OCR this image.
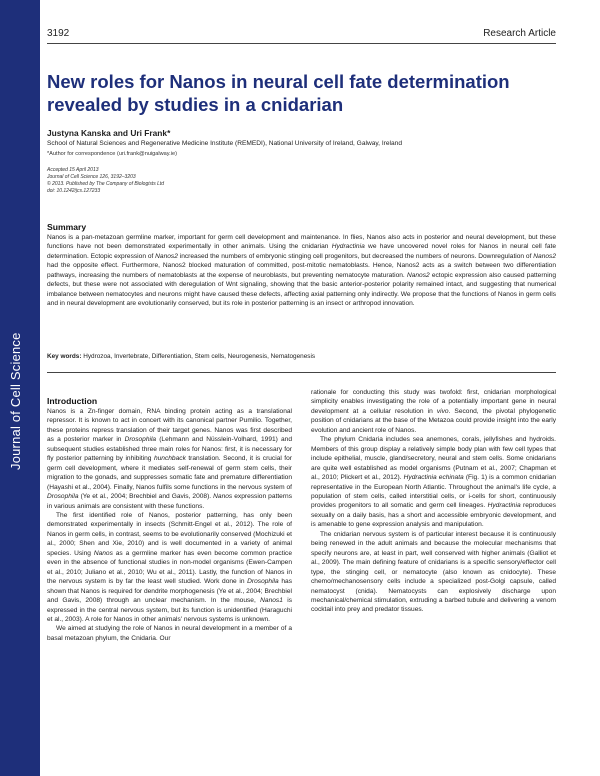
Journal of Cell Science
3192	Research Article
New roles for Nanos in neural cell fate determination
revealed by studies in a cnidarian
Justyna Kanska and Uri Frank*
School of Natural Sciences and Regenerative Medicine Institute (REMEDI), National University of Ireland, Galway, Ireland
*Author for correspondence (uri.frank@nuigalway.ie)
Accepted 15 April 2013
Journal of Cell Science 126, 3192–3203
© 2013. Published by The Company of Biologists Ltd
doi: 10.1242/jcs.127233
Summary
Nanos is a pan-metazoan germline marker, important for germ cell development and maintenance. In flies, Nanos also acts in posterior and neural development, but these functions have not been demonstrated experimentally in other animals. Using the cnidarian Hydractinia we have uncovered novel roles for Nanos in neural cell fate determination. Ectopic expression of Nanos2 increased the numbers of embryonic stinging cell progenitors, but decreased the numbers of neurons. Downregulation of Nanos2 had the opposite effect. Furthermore, Nanos2 blocked maturation of committed, post-mitotic nematoblasts. Hence, Nanos2 acts as a switch between two differentiation pathways, increasing the numbers of nematoblasts at the expense of neuroblasts, but preventing nematocyte maturation. Nanos2 ectopic expression also caused patterning defects, but these were not associated with deregulation of Wnt signaling, showing that the basic anterior-posterior polarity remained intact, and suggesting that numerical imbalance between nematocytes and neurons might have caused these defects, affecting axial patterning only indirectly. We propose that the functions of Nanos in germ cells and in neural development are evolutionarily conserved, but its role in posterior patterning is an insect or arthropod innovation.
Key words: Hydrozoa, Invertebrate, Differentiation, Stem cells, Neurogenesis, Nematogenesis
Introduction

Nanos is a Zn-finger domain, RNA binding protein acting as a translational repressor. It is known to act in concert with its canonical partner Pumilio. Together, these proteins repress translation of their target genes. Nanos was first described as a posterior marker in Drosophila (Lehmann and Nüsslein-Volhard, 1991) and subsequent studies established three main roles for Nanos: first, it is necessary for fly posterior patterning by inhibiting hunchback translation. Second, it is crucial for germ cell development, where it mediates self-renewal of germ stem cells, their migration to the gonads, and suppresses somatic fate and premature differentiation (Hayashi et al., 2004). Finally, Nanos fulfils some functions in the nervous system of Drosophila (Ye et al., 2004; Brechbiel and Gavis, 2008). Nanos expression patterns in various animals are consistent with these functions.

The first identified role of Nanos, posterior patterning, has only been demonstrated experimentally in insects (Schmitt-Engel et al., 2012). The role of Nanos in germ cells, in contrast, seems to be evolutionarily conserved (Mochizuki et al., 2000; Shen and Xie, 2010) and is well documented in a variety of animal species. Using Nanos as a germline marker has even become common practice even in the absence of functional studies in non-model organisms (Ewen-Campen et al., 2010; Juliano et al., 2010; Wu et al., 2011). Lastly, the function of Nanos in the nervous system is by far the least well studied. Work done in Drosophila has shown that Nanos is required for dendrite morphogenesis (Ye et al., 2004; Brechbiel and Gavis, 2008) through an unclear mechanism. In the mouse, Nanos1 is expressed in the central nervous system, but its function is unidentified (Haraguchi et al., 2003). A role for Nanos in other animals' nervous systems is unknown.

We aimed at studying the role of Nanos in neural development in a member of a basal metazoan phylum, the Cnidaria. Our

rationale for conducting this study was twofold: first, cnidarian morphological simplicity enables investigating the role of a potentially important gene in neural development at a cellular resolution in vivo. Second, the pivotal phylogenetic position of cnidarians at the base of the Metazoa could provide insight into the early evolution and ancient role of Nanos.

The phylum Cnidaria includes sea anemones, corals, jellyfishes and hydroids. Members of this group display a relatively simple body plan with few cell types that include epithelial, muscle, gland/secretory, neural and stem cells. Some cnidarians are quite well established as model organisms (Putnam et al., 2007; Chapman et al., 2010; Plickert et al., 2012). Hydractinia echinata (Fig. 1) is a common cnidarian representative in the European North Atlantic. Throughout the animal's life cycle, a population of stem cells, called interstitial cells, or i-cells for short, continuously provides progenitors to all somatic and germ cell lineages. Hydractinia reproduces sexually on a daily basis, has a short and accessible embryonic development, and is amenable to gene expression analysis and manipulation.

The cnidarian nervous system is of particular interest because it is continuously being renewed in the adult animals and because the molecular mechanisms that specify neurons are, at least in part, well conserved with higher animals (Galliot et al., 2009). The main defining feature of cnidarians is a specific sensory/effector cell type, the stinging cell, or nematocyte (also known as cnidocyte). These chemo/mechanosensory cells include a specialized post-Golgi capsule, called nematocyst (cnida). Nematocysts can explosively discharge upon mechanical/chemical stimulation, extruding a barbed tubule and delivering a venom cocktail into prey and predator tissues.
